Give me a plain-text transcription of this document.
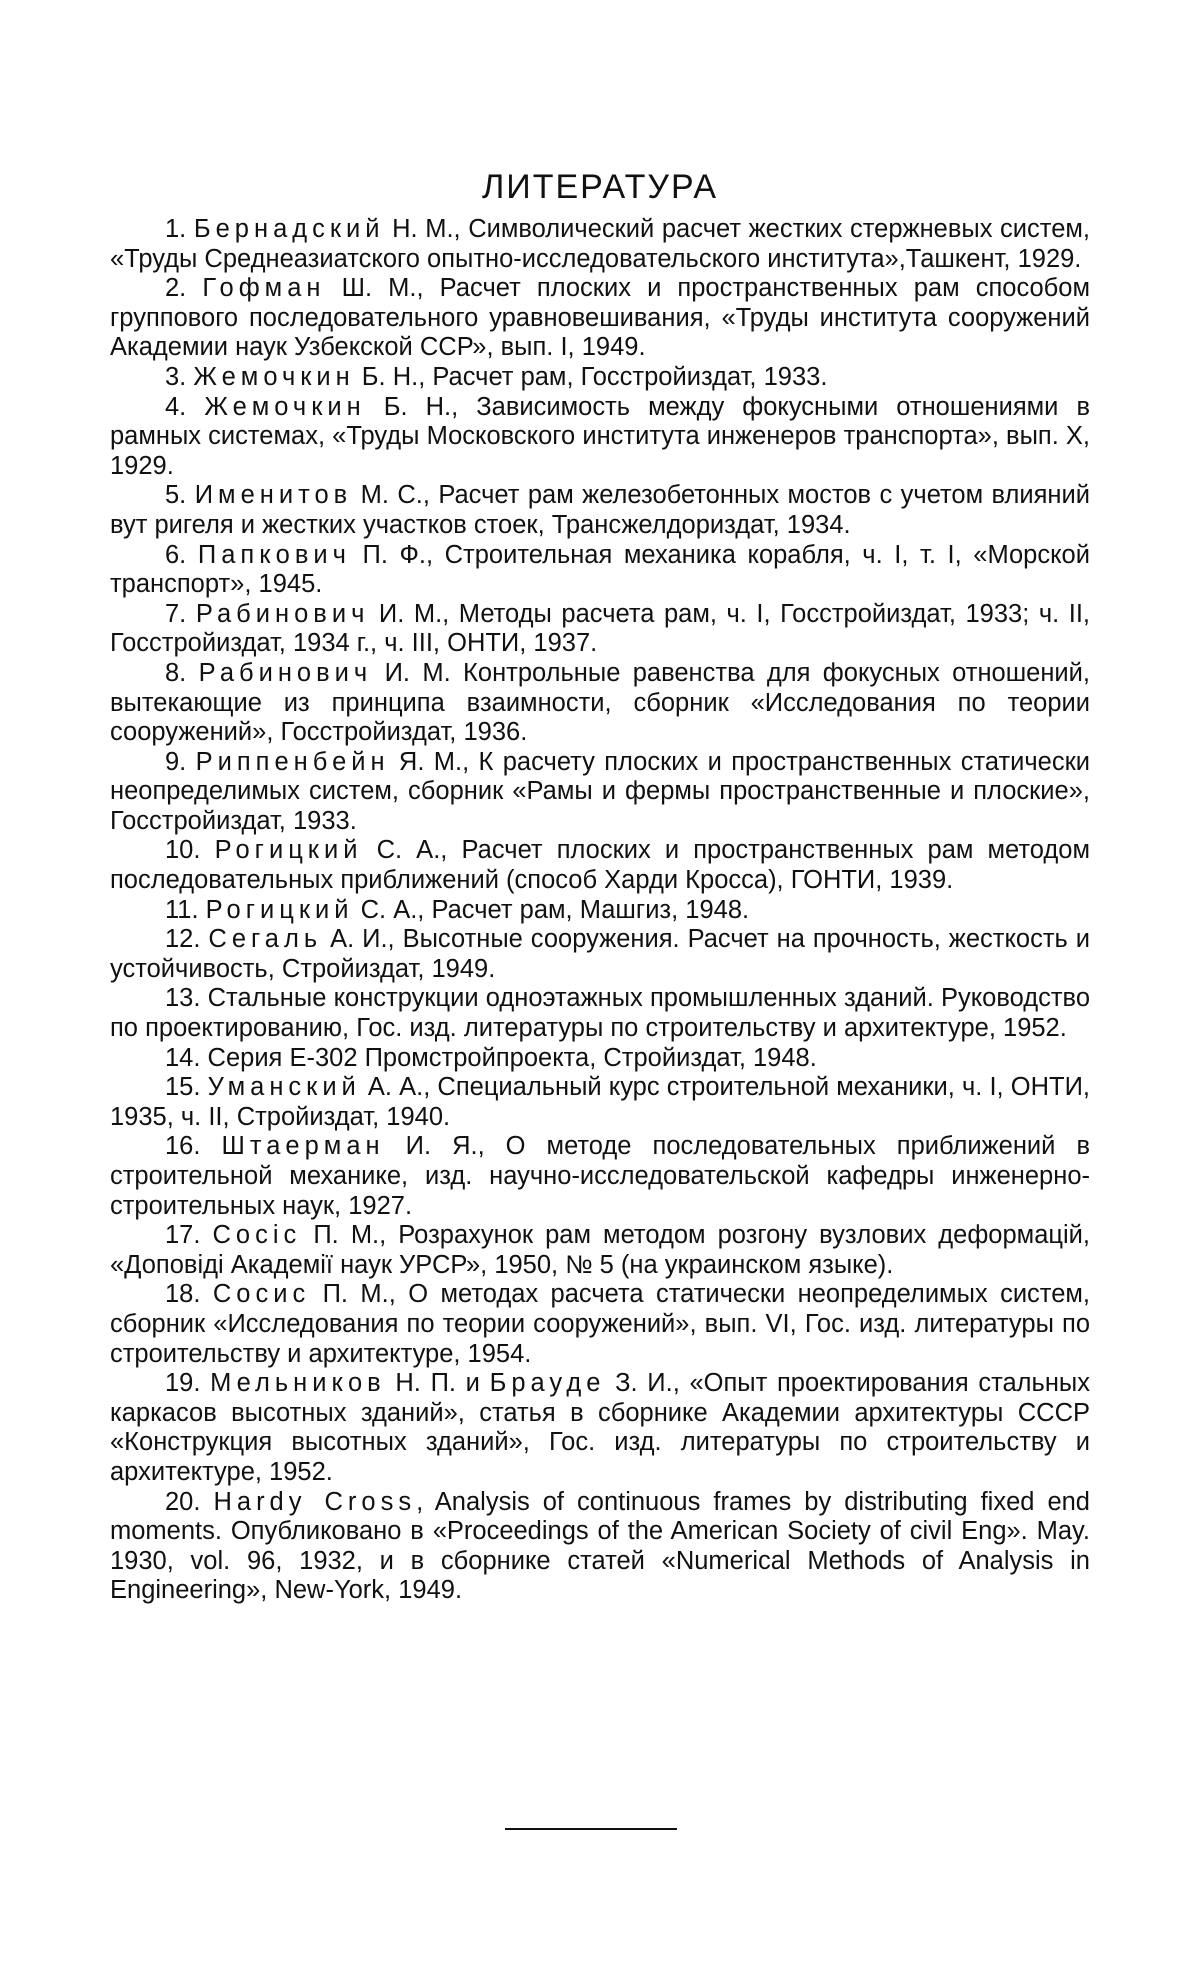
ЛИТЕРАТУРА
1. Бернадский Н. М., Символический расчет жестких стержневых систем, «Труды Среднеазиатского опытно-исследовательского института»,Ташкент, 1929.
2. Гофман Ш. М., Расчет плоских и пространственных рам способом группового последовательного уравновешивания, «Труды института сооружений Академии наук Узбекской ССР», вып. I, 1949.
3. Жемочкин Б. Н., Расчет рам, Госстройиздат, 1933.
4. Жемочкин Б. Н., Зависимость между фокусными отношениями в рамных системах, «Труды Московского института инженеров транспорта», вып. X, 1929.
5. Именитов М. С., Расчет рам железобетонных мостов с учетом влияний вут ригеля и жестких участков стоек, Трансжелдориздат, 1934.
6. Папкович П. Ф., Строительная механика корабля, ч. I, т. I, «Морской транспорт», 1945.
7. Рабинович И. М., Методы расчета рам, ч. I, Госстройиздат, 1933; ч. II, Госстройиздат, 1934 г., ч. III, ОНТИ, 1937.
8. Рабинович И. М. Контрольные равенства для фокусных отношений, вытекающие из принципа взаимности, сборник «Исследования по теории сооружений», Госстройиздат, 1936.
9. Риппенбейн Я. М., К расчету плоских и пространственных статически неопределимых систем, сборник «Рамы и фермы пространственные и плоские», Госстройиздат, 1933.
10. Рогицкий С. А., Расчет плоских и пространственных рам методом последовательных приближений (способ Харди Кросса), ГОНТИ, 1939.
11. Рогицкий С. А., Расчет рам, Машгиз, 1948.
12. Сегаль А. И., Высотные сооружения. Расчет на прочность, жесткость и устойчивость, Стройиздат, 1949.
13. Стальные конструкции одноэтажных промышленных зданий. Руководство по проектированию, Гос. изд. литературы по строительству и архитектуре, 1952.
14. Серия Е-302 Промстройпроекта, Стройиздат, 1948.
15. Уманский А. А., Специальный курс строительной механики, ч. I, ОНТИ, 1935, ч. II, Стройиздат, 1940.
16. Штаерман И. Я., О методе последовательных приближений в строительной механике, изд. научно-исследовательской кафедры инженерно-строительных наук, 1927.
17. Сосіс П. М., Розрахунок рам методом розгону вузлових деформацій, «Доповіді Академії наук УРСР», 1950, № 5 (на украинском языке).
18. Сосис П. М., О методах расчета статически неопределимых систем, сборник «Исследования по теории сооружений», вып. VI, Гос. изд. литературы по строительству и архитектуре, 1954.
19. Мельников Н. П. и Брауде З. И., «Опыт проектирования стальных каркасов высотных зданий», статья в сборнике Академии архитектуры СССР «Конструкция высотных зданий», Гос. изд. литературы по строительству и архитектуре, 1952.
20. Hardy Cross, Analysis of continuous frames by distributing fixed end moments. Опубликовано в «Proceedings of the American Society of civil Eng». May. 1930, vol. 96, 1932, и в сборнике статей «Numerical Methods of Analysis in Engineering», New-York, 1949.
